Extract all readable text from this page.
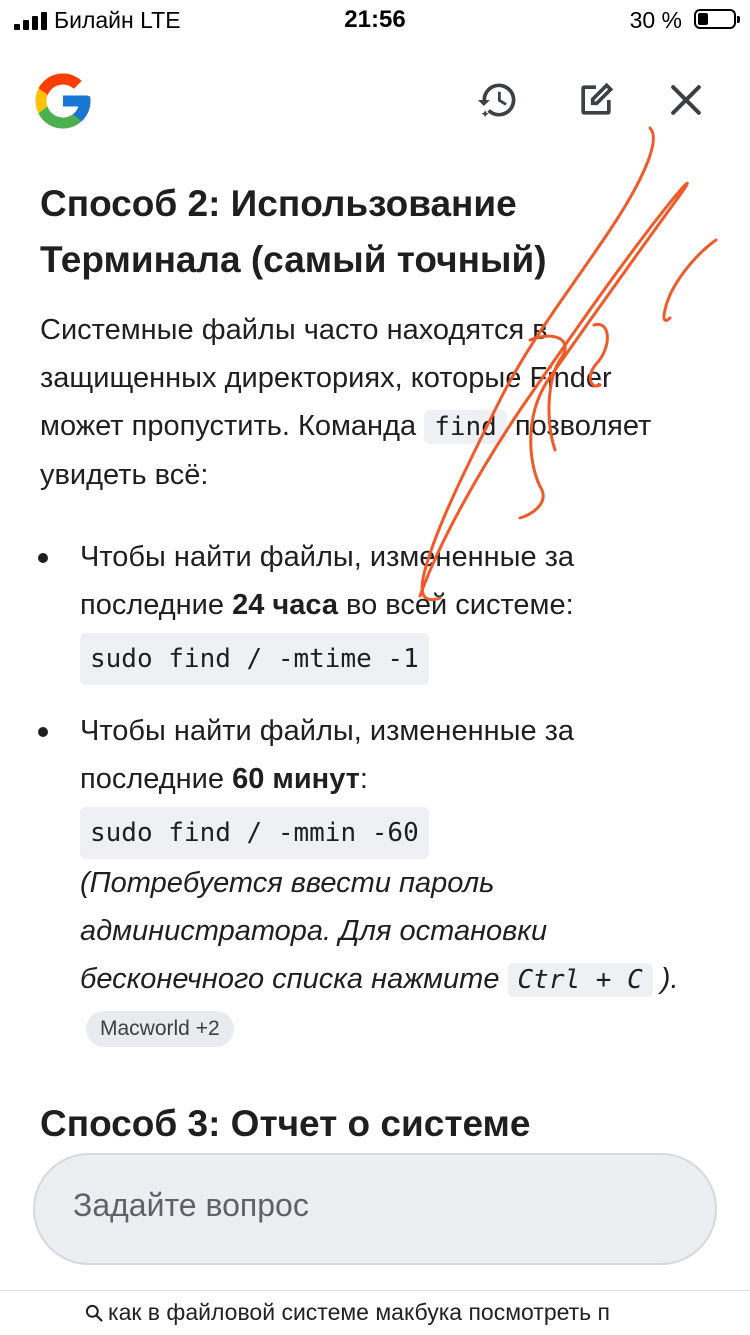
Билайн LTE	21:56	30 %
Способ 2: Использование Терминала (самый точный)

Системные файлы часто находятся в защищенных директориях, которые Finder может пропустить. Команда find позволяет увидеть всё:

Чтобы найти файлы, измененные за последние 24 часа во всей системе:
sudo find / -mtime -1
Чтобы найти файлы, измененные за последние 60 минут:
sudo find / -mmin -60
(Потребуется ввести пароль администратора. Для остановки бесконечного списка нажмите Ctrl + C ).Macworld +2
Способ 3: Отчет о системе
Задайте вопрос
как в файловой системе макбука посмотреть п
